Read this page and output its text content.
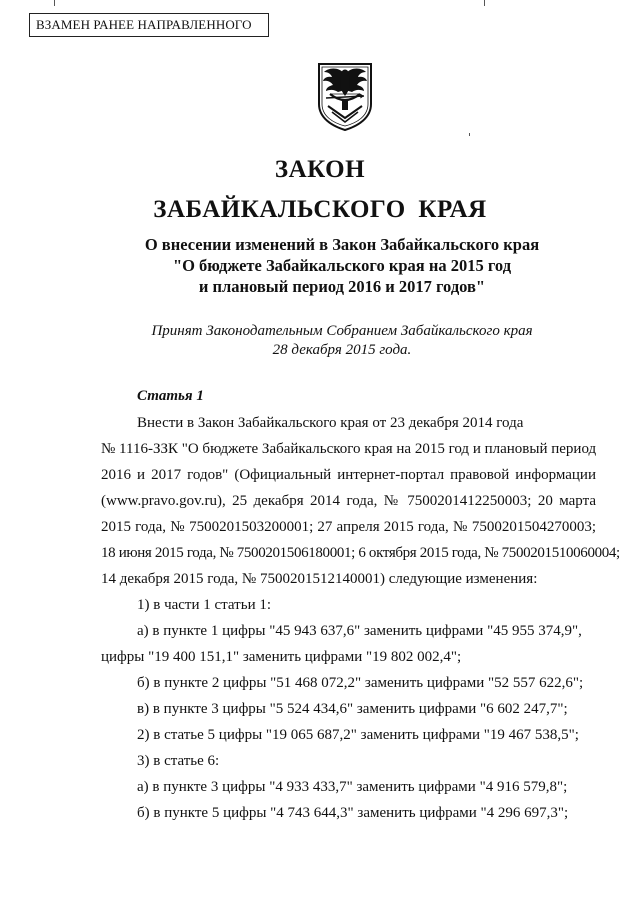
ВЗАМЕН РАНЕЕ НАПРАВЛЕННОГО
ЗАКОН
ЗАБАЙКАЛЬСКОГО КРАЯ
О внесении изменений в Закон Забайкальского края
"О бюджете Забайкальского края на 2015 год
и плановый период 2016 и 2017 годов"
Принят Законодательным Собранием Забайкальского края
28 декабря 2015 года.
Статья 1
Внести в Закон Забайкальского края от 23 декабря 2014 года
№ 1116-ЗЗК "О бюджете Забайкальского края на 2015 год и плановый период
2016 и 2017 годов" (Официальный интернет-портал правовой информации
(www.pravo.gov.ru), 25 декабря 2014 года, № 7500201412250003; 20 марта
2015 года, № 7500201503200001; 27 апреля 2015 года, № 7500201504270003;
18 июня 2015 года, № 7500201506180001; 6 октября 2015 года, № 7500201510060004;
14 декабря 2015 года, № 7500201512140001) следующие изменения:
1) в части 1 статьи 1:
а) в пункте 1 цифры "45 943 637,6" заменить цифрами "45 955 374,9",
цифры "19 400 151,1" заменить цифрами "19 802 002,4";
б) в пункте 2 цифры "51 468 072,2" заменить цифрами "52 557 622,6";
в) в пункте 3 цифры "5 524 434,6" заменить цифрами "6 602 247,7";
2) в статье 5 цифры "19 065 687,2" заменить цифрами "19 467 538,5";
3) в статье 6:
а) в пункте 3 цифры "4 933 433,7" заменить цифрами "4 916 579,8";
б) в пункте 5 цифры "4 743 644,3" заменить цифрами "4 296 697,3";
